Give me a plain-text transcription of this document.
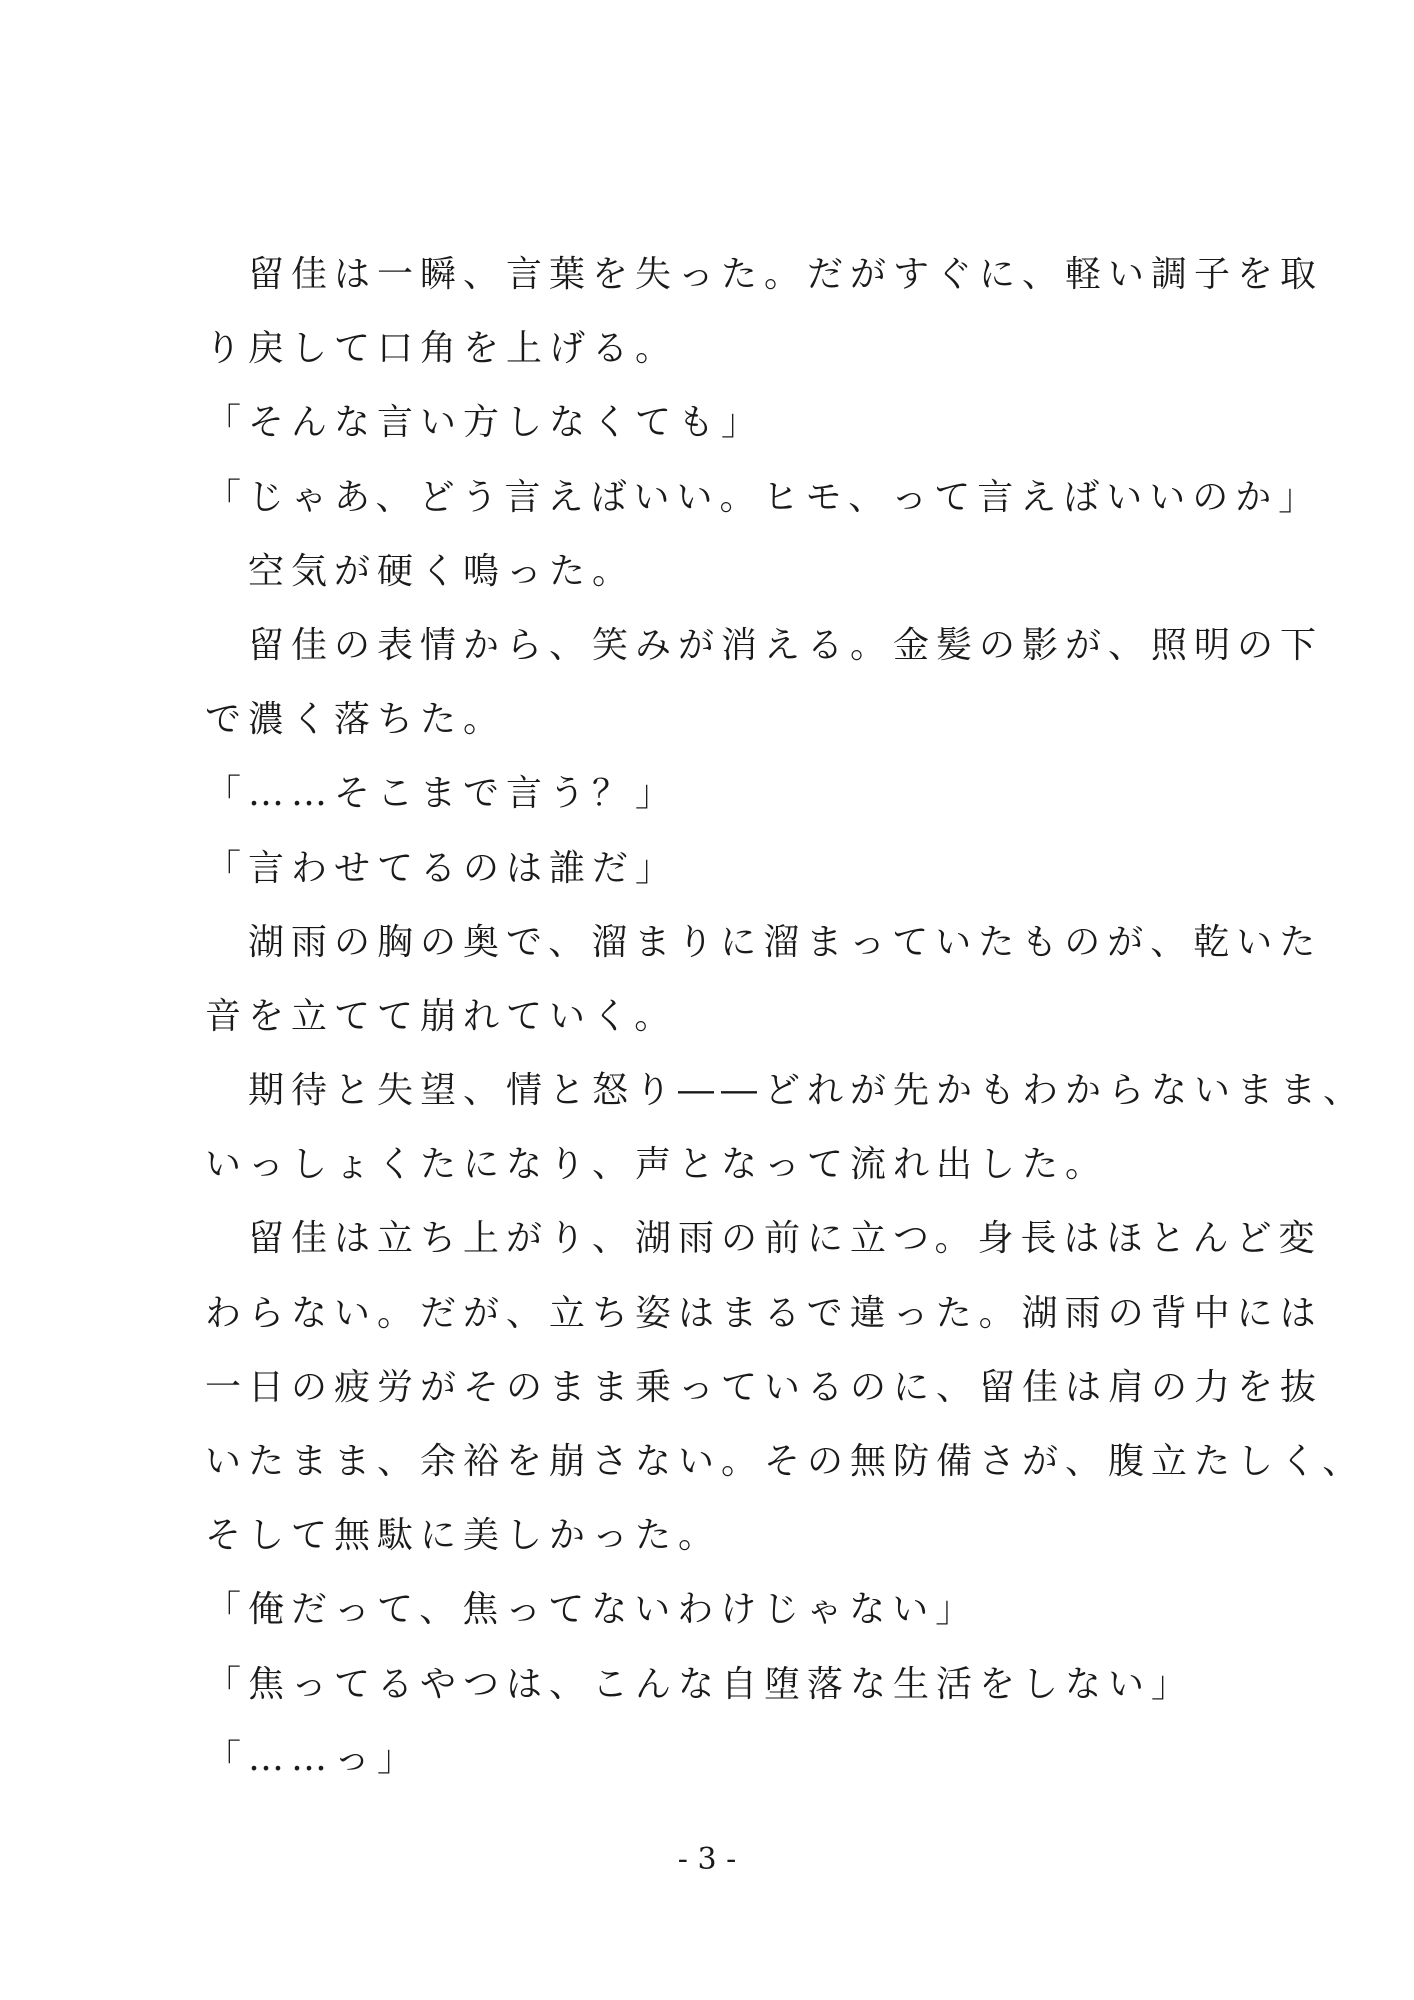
　留佳は一瞬、言葉を失った。だがすぐに、軽い調子を取
り戻して口角を上げる。
「そんな言い方しなくても」
「じゃあ、どう言えばいい。ヒモ、って言えばいいのか」
　空気が硬く鳴った。
　留佳の表情から、笑みが消える。金髪の影が、照明の下
で濃く落ちた。
「……そこまで言う？」
「言わせてるのは誰だ」
　湖雨の胸の奥で、溜まりに溜まっていたものが、乾いた
音を立てて崩れていく。
　期待と失望、情と怒り――どれが先かもわからないまま、
いっしょくたになり、声となって流れ出した。
　留佳は立ち上がり、湖雨の前に立つ。身長はほとんど変
わらない。だが、立ち姿はまるで違った。湖雨の背中には
一日の疲労がそのまま乗っているのに、留佳は肩の力を抜
いたまま、余裕を崩さない。その無防備さが、腹立たしく、
そして無駄に美しかった。
「俺だって、焦ってないわけじゃない」
「焦ってるやつは、こんな自堕落な生活をしない」
「……っ」
- 3 -
